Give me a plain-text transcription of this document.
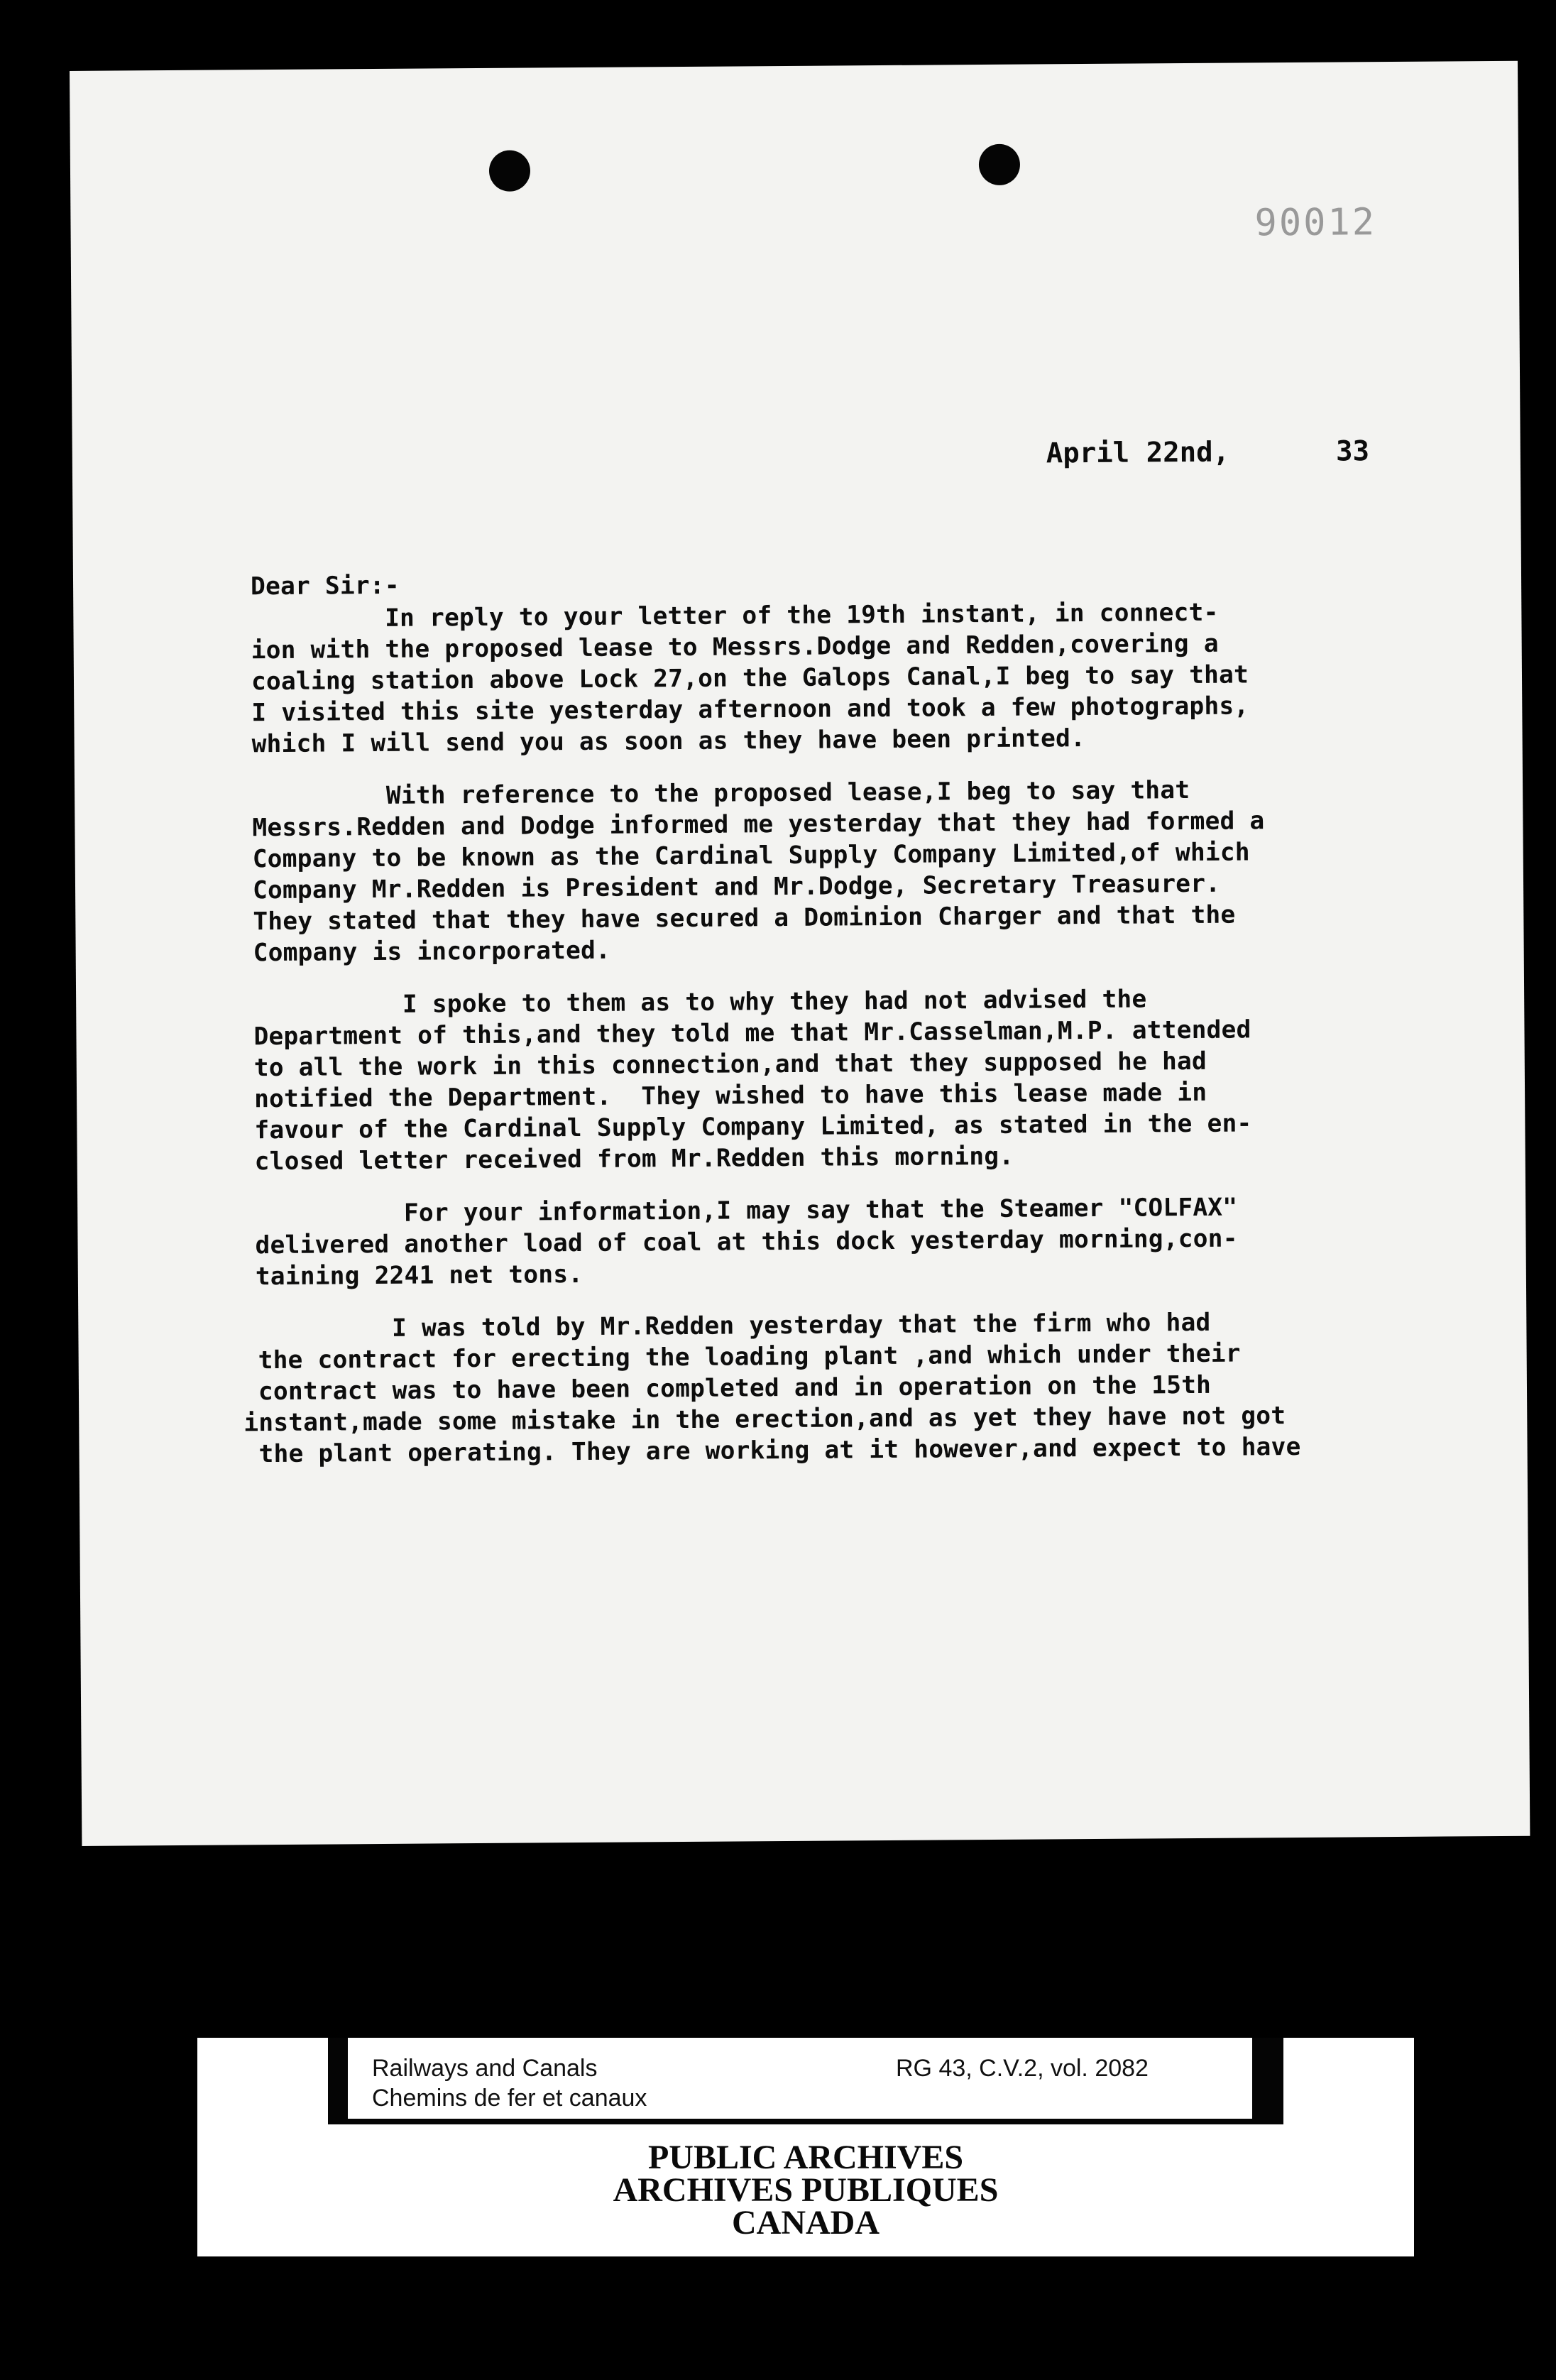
90012
April 22nd,	33
Dear Sir:-
In reply to your letter of the 19th instant, in connect-
ion with the proposed lease to Messrs.Dodge and Redden,covering a
coaling station above Lock 27,on the Galops Canal,I beg to say that
I visited this site yesterday afternoon and took a few photographs,
which I will send you as soon as they have been printed.
With reference to the proposed lease,I beg to say that
Messrs.Redden and Dodge informed me yesterday that they had formed a
Company to be known as the Cardinal Supply Company Limited,of which
Company Mr.Redden is President and Mr.Dodge, Secretary Treasurer.
They stated that they have secured a Dominion Charger and that the
Company is incorporated.
I spoke to them as to why they had not advised the
Department of this,and they told me that Mr.Casselman,M.P. attended
to all the work in this connection,and that they supposed he had
notified the Department.  They wished to have this lease made in
favour of the Cardinal Supply Company Limited, as stated in the en-
closed letter received from Mr.Redden this morning.
For your information,I may say that the Steamer "COLFAX"
delivered another load of coal at this dock yesterday morning,con-
taining 2241 net tons.
I was told by Mr.Redden yesterday that the firm who had
the contract for erecting the loading plant ,and which under their
contract was to have been completed and in operation on the 15th
instant,made some mistake in the erection,and as yet they have not got
the plant operating. They are working at it however,and expect to have
Railways and Canals
Chemins de fer et canaux
RG 43, C.V.2, vol. 2082
PUBLIC ARCHIVES
ARCHIVES PUBLIQUES
CANADA
